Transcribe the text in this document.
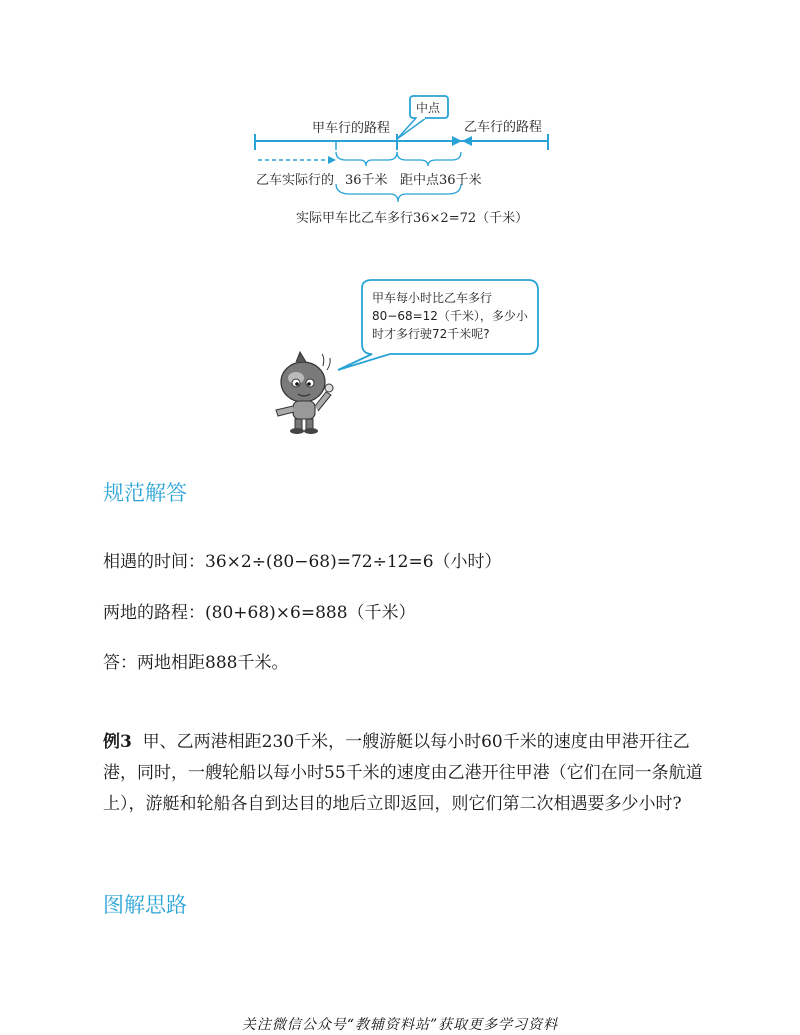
中点
甲车行的路程	乙车行的路程
乙车实际行的 36千米 距中点36千米
实际甲车比乙车多行36×2=72（千米）
甲车每小时比乙车多行
80−68=12（千米），多少小
时才多行驶72千米呢?
规范解答
相遇的时间：36×2÷(80−68)=72÷12=6（小时）
两地的路程：(80+68)×6=888（千米）
答：两地相距888千米。
例3 甲、乙两港相距230千米，一艘游艇以每小时60千米的速度由甲港开往乙港，同时，一艘轮船以每小时55千米的速度由乙港开往甲港（它们在同一条航道上），游艇和轮船各自到达目的地后立即返回，则它们第二次相遇要多少小时?
图解思路
关注微信公众号“教辅资料站”获取更多学习资料
